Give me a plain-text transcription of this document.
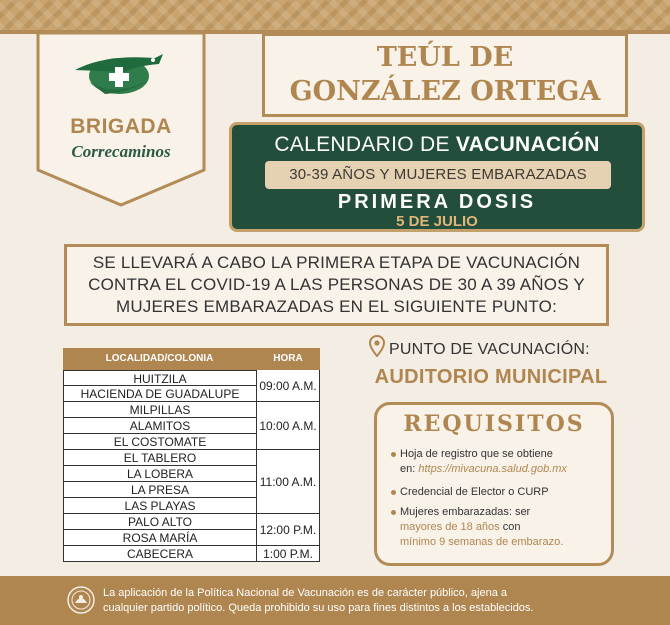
BRIGADA
Correcaminos
TEÚL DE
GONZÁLEZ ORTEGA
CALENDARIO DE VACUNACIÓN
30-39 AÑOS Y MUJERES EMBARAZADAS
PRIMERA DOSIS
5 DE JULIO
SE LLEVARÁ A CABO LA PRIMERA ETAPA DE VACUNACIÓN
CONTRA EL COVID-19 A LAS PERSONAS DE 30 A 39 AÑOS Y
MUJERES EMBARAZADAS EN EL SIGUIENTE PUNTO:
LOCALIDAD/COLONIA	HORA
HUITZILA
HACIENDA DE GUADALUPE
MILPILLAS
ALAMITOS
EL COSTOMATE
EL TABLERO
LA LOBERA
LA PRESA
LAS PLAYAS
PALO ALTO
ROSA MARÍA
CABECERA
09:00 A.M.
10:00 A.M.
11:00 A.M.
12:00 P.M.
1:00 P.M.
PUNTO DE VACUNACIÓN:
AUDITORIO MUNICIPAL
REQUISITOS
Hoja de registro que se obtiene
en: https://mivacuna.salud.gob.mx
Credencial de Elector o CURP
Mujeres embarazadas: ser
mayores de 18 años con
mínimo 9 semanas de embarazo.
La aplicación de la Política Nacional de Vacunación es de carácter público, ajena a
cualquier partido político. Queda prohibido su uso para fines distintos a los establecidos.
